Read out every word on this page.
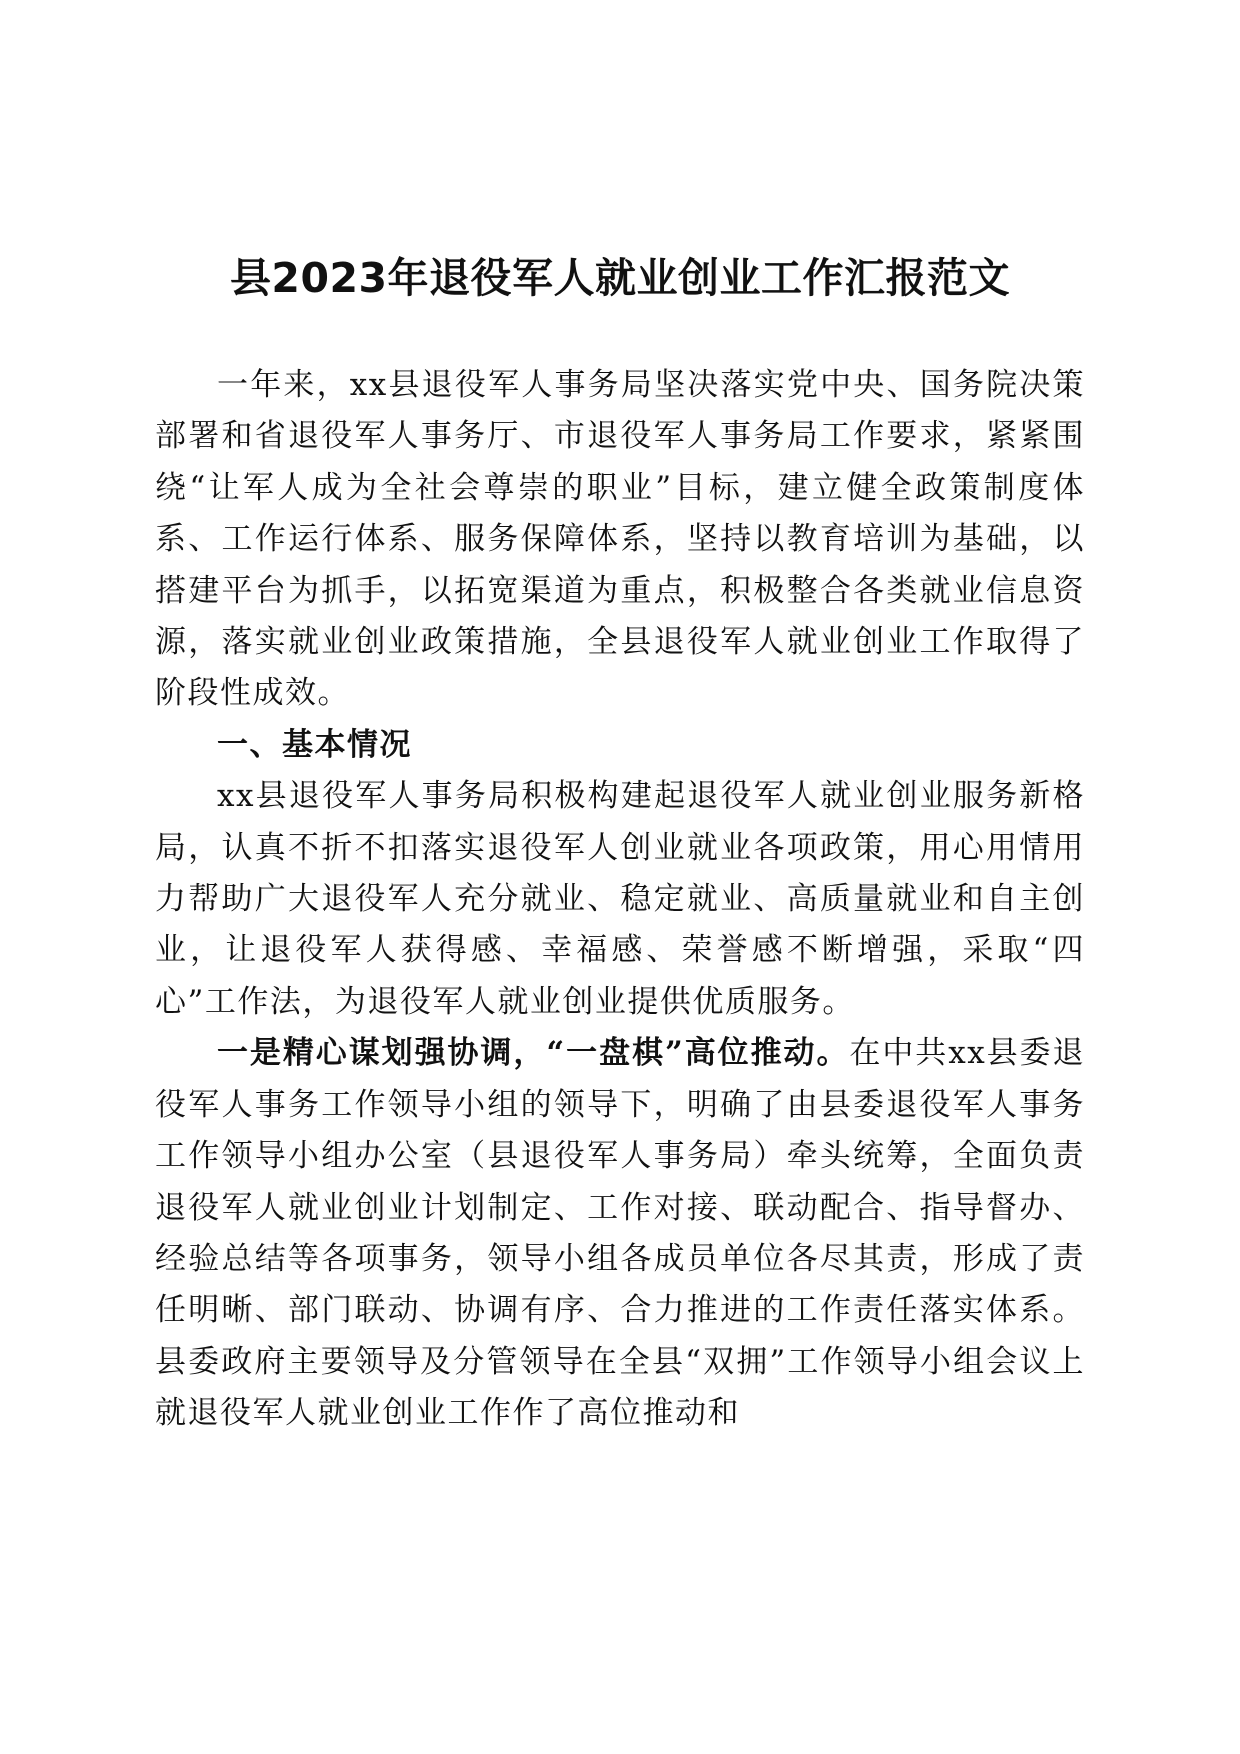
县2023年退役军人就业创业工作汇报范文

一年来，xx县退役军人事务局坚决落实党中央、国务院决策部署和省退役军人事务厅、市退役军人事务局工作要求，紧紧围绕“让军人成为全社会尊崇的职业”目标，建立健全政策制度体系、工作运行体系、服务保障体系，坚持以教育培训为基础，以搭建平台为抓手，以拓宽渠道为重点，积极整合各类就业信息资源，落实就业创业政策措施，全县退役军人就业创业工作取得了阶段性成效。

一、基本情况

xx县退役军人事务局积极构建起退役军人就业创业服务新格局，认真不折不扣落实退役军人创业就业各项政策，用心用情用力帮助广大退役军人充分就业、稳定就业、高质量就业和自主创业，让退役军人获得感、幸福感、荣誉感不断增强，采取“四心”工作法，为退役军人就业创业提供优质服务。

一是精心谋划强协调，“一盘棋”高位推动。在中共xx县委退役军人事务工作领导小组的领导下，明确了由县委退役军人事务工作领导小组办公室（县退役军人事务局）牵头统筹，全面负责退役军人就业创业计划制定、工作对接、联动配合、指导督办、经验总结等各项事务，领导小组各成员单位各尽其责，形成了责任明晰、部门联动、协调有序、合力推进的工作责任落实体系。县委政府主要领导及分管领导在全县“双拥”工作领导小组会议上就退役军人就业创业工作作了高位推动和
